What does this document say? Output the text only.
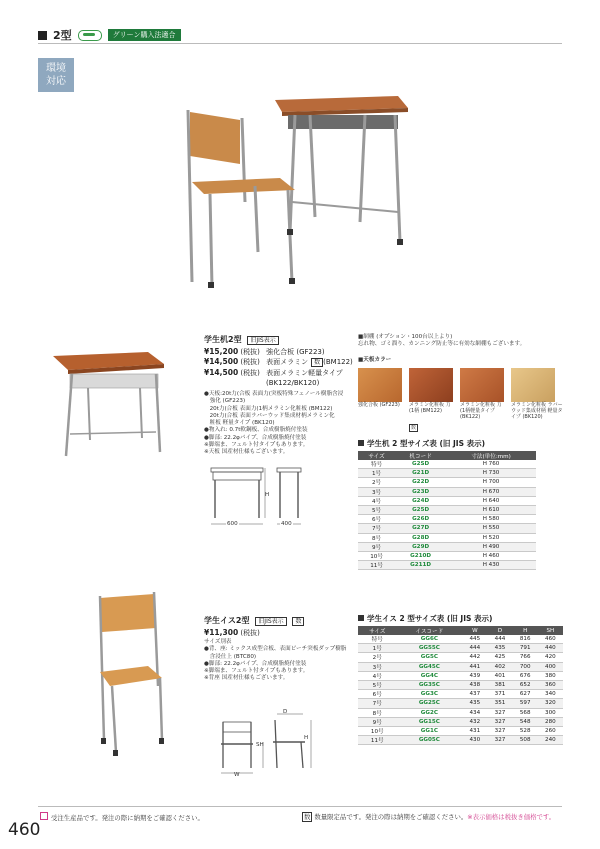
2型	グリーン購入法適合
環境
対応
学生机2型 旧JIS表示
¥15,200 (税抜) 強化合板 (GF223)
¥14,500 (税抜) 表面メラミン 数 (BM122)
¥14,500 (税抜) 表面メラミン軽量タイプ
(BK122/BK120)
●天板:20t力(合板 表面力(突板特殊フェノール樹脂含浸
　強化 (GF223)
　20t力(合板 表面力(1柄メラミン化粧板 (BM122)
　20t力(合板 表面ラバーウッド集成材柄メラミン化
　粧板 軽量タイプ (BK120)
●物入れ: 0.7t軟鋼板、合成樹脂焼付塗装
●脚部: 22.2φパイプ、合成樹脂焼付塗装
※脚端ま、フェルト付タイプもあります。
※天板 国産材仕様もございます。
H
600	400
■網棚 (オプション・100台以上より)
忘れ物、ゴミ溜り、カンニング防止等に有効な網棚もございます。
■天板カラー
強化合板 (GF223)	メラミン化粧板 力(1柄 (BM122)
数
メラミン化粧板 力(1柄軽量タイプ (BK122)
メラミン化粧板 ラバーウッド集成材柄 軽量タイプ (BK120)
学生机 2 型サイズ表 (旧 JIS 表示)
サイズ	机コード	寸法(単位:mm)
特号	G2SD	H 760
1号	G21D	H 730
2号	G22D	H 700
3号	G23D	H 670
4号	G24D	H 640
5号	G25D	H 610
6号	G26D	H 580
7号	G27D	H 550
8号	G28D	H 520
9号	G29D	H 490
10号	G210D	H 460
11号	G211D	H 430
学生イス2型 旧JIS表示 数
¥11,300 (税抜)
サイズ別表
●背、座: ミックス成型合板、表面ビーチ突板ダップ樹脂
　含浸仕上 (BTC80)
●脚部: 22.2φパイプ、合成樹脂焼付塗装
※脚端ま、フェルト付タイプもあります。
※背座 国産材仕様もございます。
D
SH
H
W
学生イス 2 型サイズ表 (旧 JIS 表示)
サイズ	イスコード	W	D	H	SH
特号	GG6C	445	444	816	460
1号	GG55C	444	435	791	440
2号	GG5C	442	425	766	420
3号	GG45C	441	402	700	400
4号	GG4C	439	401	676	380
5号	GG35C	438	381	652	360
6号	GG3C	437	371	627	340
7号	GG25C	435	351	597	320
8号	GG2C	434	327	568	300
9号	GG15C	432	327	548	280
10号	GG1C	431	327	528	260
11号	GG05C	430	327	508	240
460
受注生産品です。発注の際に納期をご確認ください。	数 数量限定品です。発注の際は納期をご確認ください。※表示価格は税抜き価格です。
